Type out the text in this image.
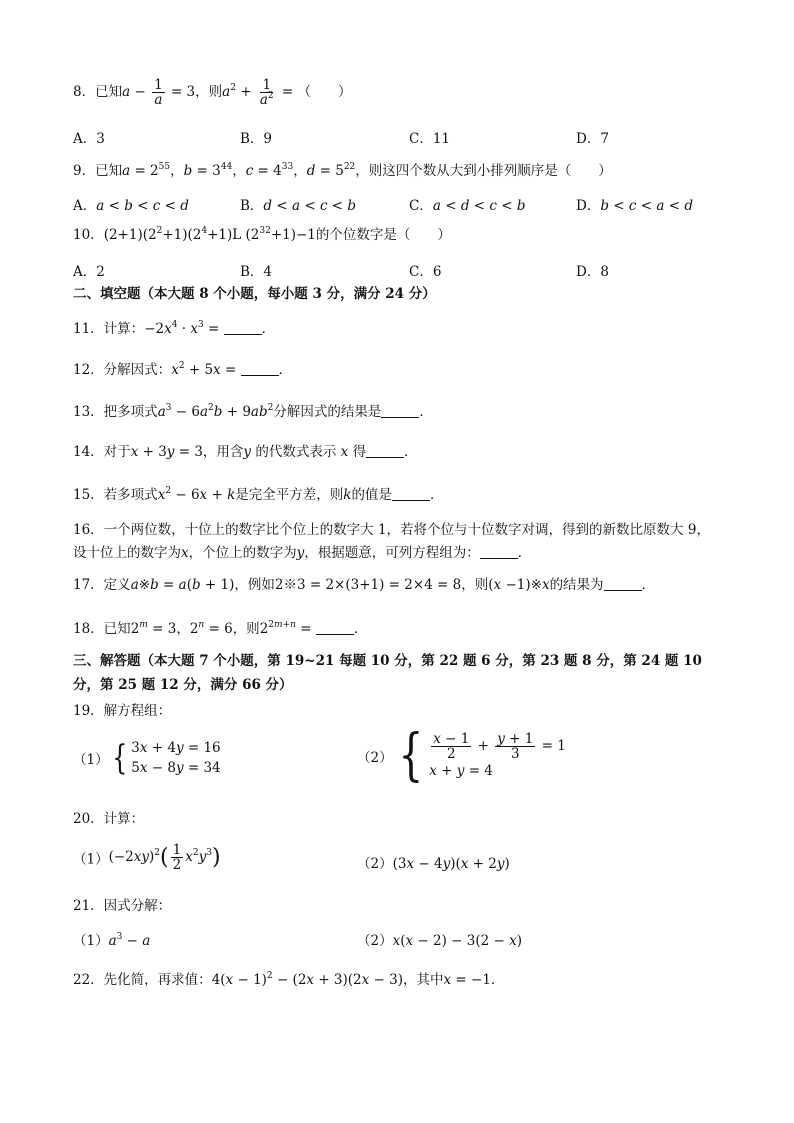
8．已知$a - \frac{1}{a} = 3$，则$a^2 + \frac{1}{a^2}$ = （　　）
A．3	B．9	C．11	D．7
9．已知$a = 2^{55}$，$b = 3^{44}$，$c = 4^{33}$，$d = 5^{22}$，则这四个数从大到小排列顺序是（　　）
A．a < b < c < d	B．d < a < c < b	C．a < d < c < b	D．b < c < a < d
10．$(2+1)(2^2+1)(2^4+1)L$ $(2^{32}+1)-1$的个位数字是（　　）
A．2	B．4	C．6	D．8
二、填空题（本大题 8 个小题，每小题 3 分，满分 24 分）
11．计算：$-2x^4 \cdot x^3$ =	．
12．分解因式：$x^2 + 5x$ =	．
13．把多项式$a^3 - 6a^2b + 9ab^2$分解因式的结果是	．
14．对于x + 3y = 3，用含y 的代数式表示 x 得	．
15．若多项式$x^2 - 6x + k$是完全平方差，则k的值是	．
16．一个两位数，十位上的数字比个位上的数字大 1，若将个位与十位数字对调，得到的新数比原数大 9，
设十位上的数字为x，个位上的数字为y，根据题意，可列方程组为：	．
17．定义a※b = a(b + 1)，例如2※3 = 2×(3+1) = 2×4 = 8，则(x −1)※x的结果为	．
18．已知$2^m = 3$，$2^n = 6$，则$2^{2m+n}$ =	．
三、解答题（本大题 7 个小题，第 19~21 每题 10 分，第 22 题 6 分，第 23 题 8 分，第 24 题 10
分，第 25 题 12 分，满分 66 分）
19．解方程组：
（1） { 3x + 4y = 16
5x − 8y = 34
（2） { $\frac{x - 1}{2} + \frac{y + 1}{3} = 1$
x + y = 4
20．计算：
$(1)(-2xy)^2( \frac{1}{2} x^2y^3)$	（2）(3x − 4y)(x + 2y)
21．因式分解：
$(1)a^3 - a$	（2）x(x − 2) − 3(2 − x)
22．先化简，再求值：$4(x - 1)^2 - (2x + 3)(2x - 3)$，其中x = −1．
